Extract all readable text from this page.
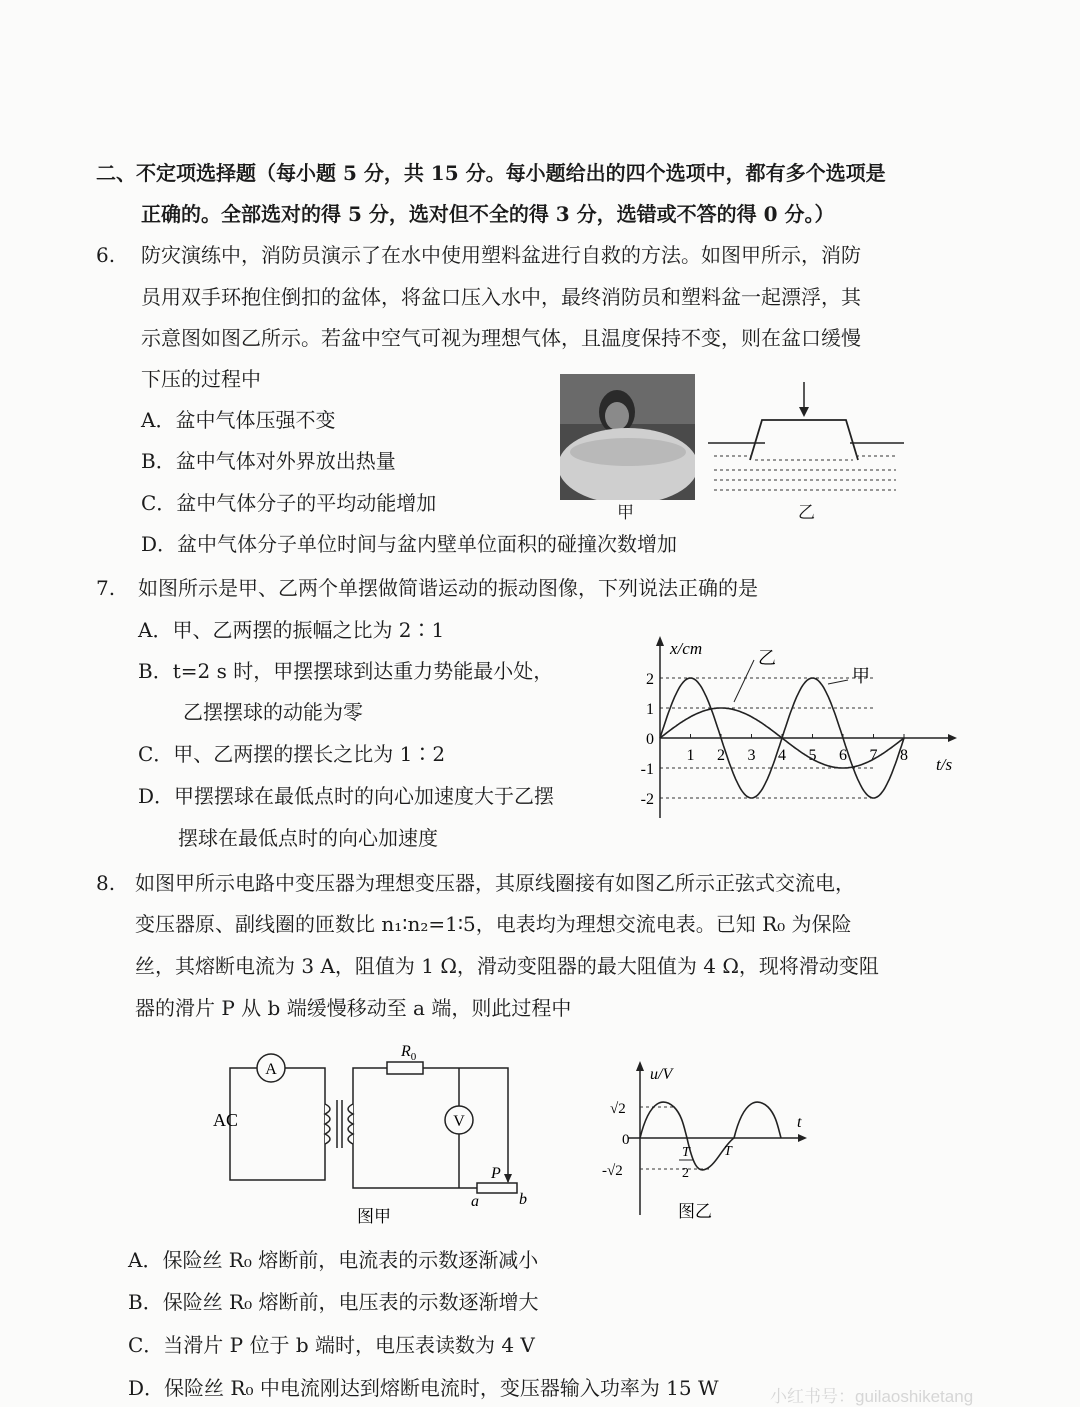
二、不定项选择题（每小题 5 分，共 15 分。每小题给出的四个选项中，都有多个选项是
正确的。全部选对的得 5 分，选对但不全的得 3 分，选错或不答的得 0 分。）
6. 防灾演练中，消防员演示了在水中使用塑料盆进行自救的方法。如图甲所示，消防
员用双手环抱住倒扣的盆体，将盆口压入水中，最终消防员和塑料盆一起漂浮，其
示意图如图乙所示。若盆中空气可视为理想气体，且温度保持不变，则在盆口缓慢
下压的过程中
A．盆中气体压强不变
B．盆中气体对外界放出热量
C．盆中气体分子的平均动能增加
D．盆中气体分子单位时间与盆内壁单位面积的碰撞次数增加
甲	乙
7. 如图所示是甲、乙两个单摆做简谐运动的振动图像，下列说法正确的是
A．甲、乙两摆的振幅之比为 2∶1
B．t=2 s 时，甲摆摆球到达重力势能最小处，
乙摆摆球的动能为零
C．甲、乙两摆的摆长之比为 1∶2
D．甲摆摆球在最低点时的向心加速度大于乙摆
摆球在最低点时的向心加速度
x/cm
t/s
2
1
0
-1
-2
1 2 3 4 5 6 7 8
乙
甲
8. 如图甲所示电路中变压器为理想变压器，其原线圈接有如图乙所示正弦式交流电，
变压器原、副线圈的匝数比 n₁∶n₂=1∶5，电表均为理想交流电表。已知 R₀ 为保险
丝，其熔断电流为 3 A，阻值为 1 Ω，滑动变阻器的最大阻值为 4 Ω，现将滑动变阻
器的滑片 P 从 b 端缓慢移动至 a 端，则此过程中
A
AC
$R_0$
V
P
a	b
图甲
u/V
t
√2
0
-√2
T
2
T
图乙
A．保险丝 R₀ 熔断前，电流表的示数逐渐减小
B．保险丝 R₀ 熔断前，电压表的示数逐渐增大
C．当滑片 P 位于 b 端时，电压表读数为 4 V
D．保险丝 R₀ 中电流刚达到熔断电流时，变压器输入功率为 15 W	小红书号：guilaoshiketang
